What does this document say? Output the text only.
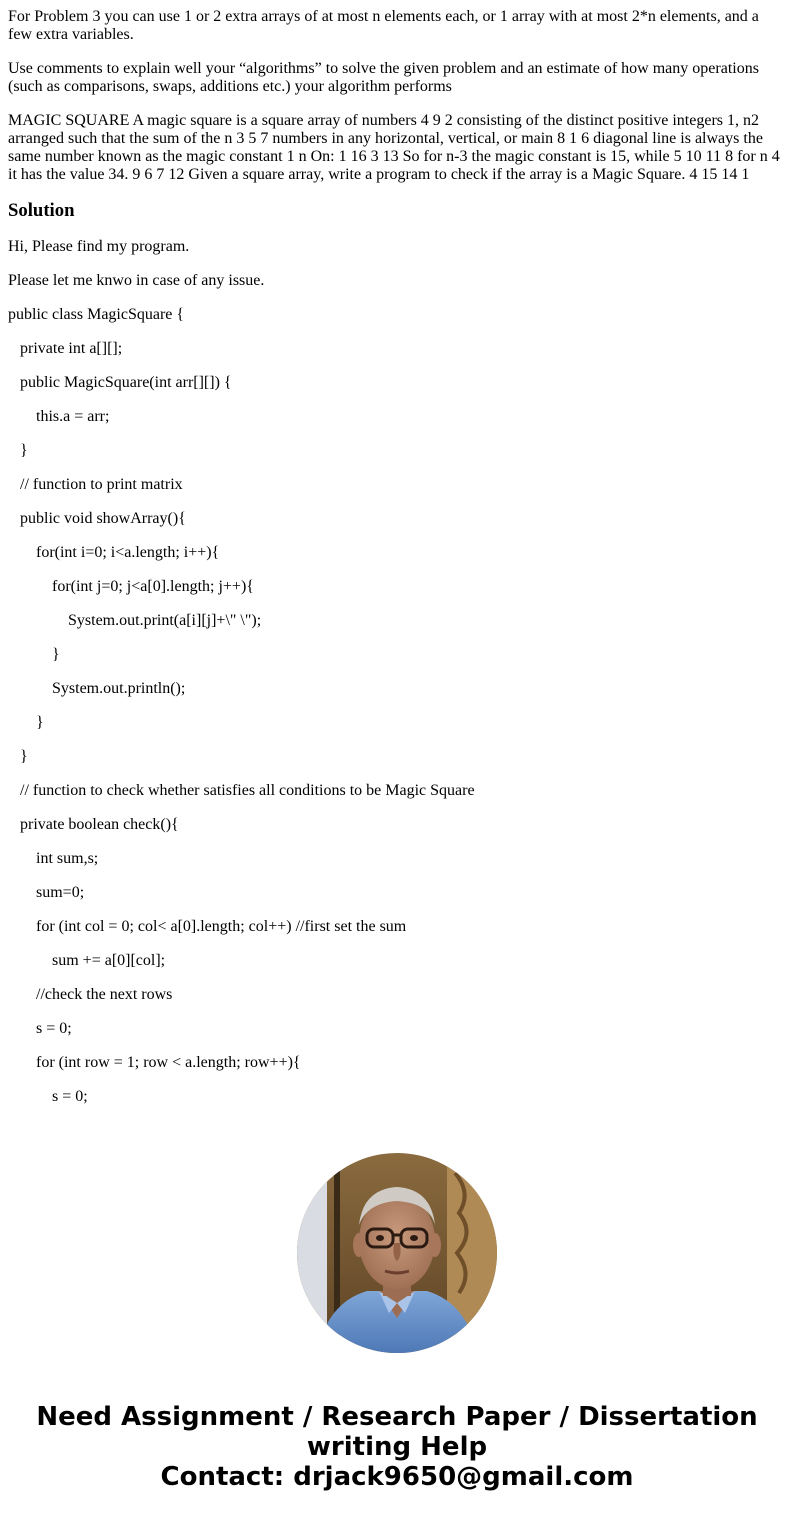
For Problem 3 you can use 1 or 2 extra arrays of at most n elements each, or 1 array with at most 2*n elements, and a few extra variables.

Use comments to explain well your “algorithms” to solve the given problem and an estimate of how many operations (such as comparisons, swaps, additions etc.) your algorithm performs

MAGIC SQUARE A magic square is a square array of numbers 4 9 2 consisting of the distinct positive integers 1, n2 arranged such that the sum of the n 3 5 7 numbers in any horizontal, vertical, or main 8 1 6 diagonal line is always the same number known as the magic constant 1 n On: 1 16 3 13 So for n-3 the magic constant is 15, while 5 10 11 8 for n 4 it has the value 34. 9 6 7 12 Given a square array, write a program to check if the array is a Magic Square. 4 15 14 1

Solution

Hi, Please find my program.

Please let me knwo in case of any issue.

public class MagicSquare {
private int a[][];
public MagicSquare(int arr[][]) {
this.a = arr;
}
// function to print matrix
public void showArray(){
for(int i=0; i<a.length; i++){
for(int j=0; j<a[0].length; j++){
System.out.print(a[i][j]+\" \");
}
System.out.println();
}
}
// function to check whether satisfies all conditions to be Magic Square
private boolean check(){
int sum,s;
sum=0;
for (int col = 0; col< a[0].length; col++) //first set the sum
sum += a[0][col];
//check the next rows
s = 0;
for (int row = 1; row < a.length; row++){
s = 0;
Need Assignment / Research Paper / Dissertation
writing Help
Contact: drjack9650@gmail.com
